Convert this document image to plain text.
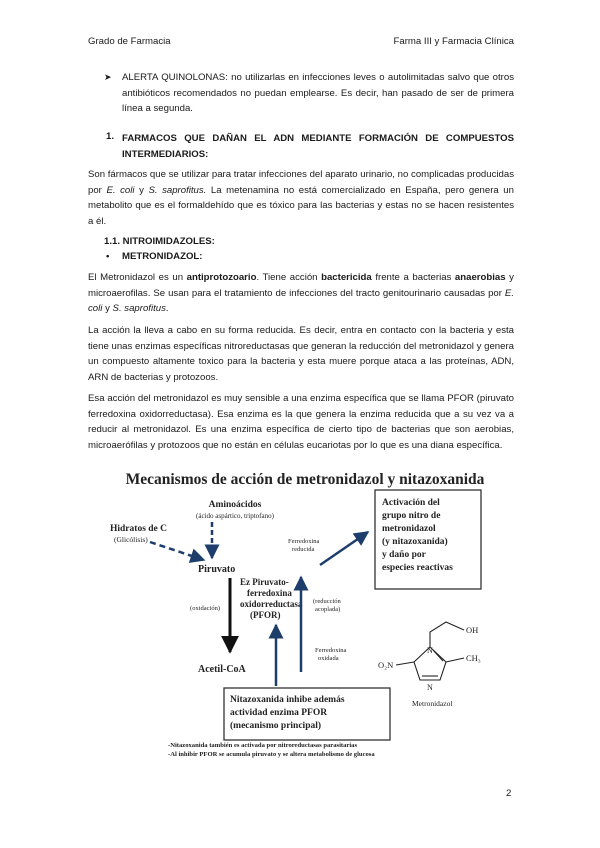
Grado de Farmacia	Farma III y Farmacia Clínica
➤ ALERTA QUINOLONAS: no utilizarlas en infecciones leves o autolimitadas salvo que otros antibióticos recomendados no puedan emplearse. Es decir, han pasado de ser de primera línea a segunda.
1. FARMACOS QUE DAÑAN EL ADN MEDIANTE FORMACIÓN DE COMPUESTOS INTERMEDIARIOS:
Son fármacos que se utilizar para tratar infecciones del aparato urinario, no complicadas producidas por E. coli y S. saprofitus. La metenamina no está comercializado en España, pero genera un metabolito que es el formaldehído que es tóxico para las bacterias y estas no se hacen resistentes a él.
1.1. NITROIMIDAZOLES:
• METRONIDAZOL:
El Metronidazol es un antiprotozoario. Tiene acción bactericida frente a bacterias anaerobias y microaerofilas. Se usan para el tratamiento de infecciones del tracto genitourinario causadas por E. coli y S. saprofitus.
La acción la lleva a cabo en su forma reducida. Es decir, entra en contacto con la bacteria y esta tiene unas enzimas específicas nitroreductasas que generan la reducción del metronidazol y genera un compuesto altamente toxico para la bacteria y esta muere porque ataca a las proteínas, ADN, ARN de bacterias y protozoos.
Esa acción del metronidazol es muy sensible a una enzima específica que se llama PFOR (piruvato ferredoxina oxidorreductasa). Esa enzima es la que genera la enzima reducida que a su vez va a reducir al metronidazol. Es una enzima específica de cierto tipo de bacterias que son aerobias, microaeróﬁlas y protozoos que no están en células eucariotas por lo que es una diana específica.
Mecanismos de acción de metronidazol y nitazoxanida
Aminoácidos
(ácido aspártico, triptofano)
Hidratos de C
(Glicólisis)
Piruvato
(oxidación)
Acetil-CoA
Ez Piruvato-
ferredoxina
oxidorreductasa
(PFOR)
Ferredoxina
reducida
(reducción
acoplada)
Ferredoxina
oxidada
Activación del
grupo nitro de
metronidazol
(y nitazoxanida)
y daño por
especies reactivas
Nitazoxanida inhibe además
actividad enzima PFOR
(mecanismo principal)
OH
CH₃
O₂N
N
N
Metronidazol
-Nitazoxanida también es activada por nitroreductasas parasitarias
-Al inhibir PFOR se acumula piruvato y se altera metabolismo de glucosa
2
